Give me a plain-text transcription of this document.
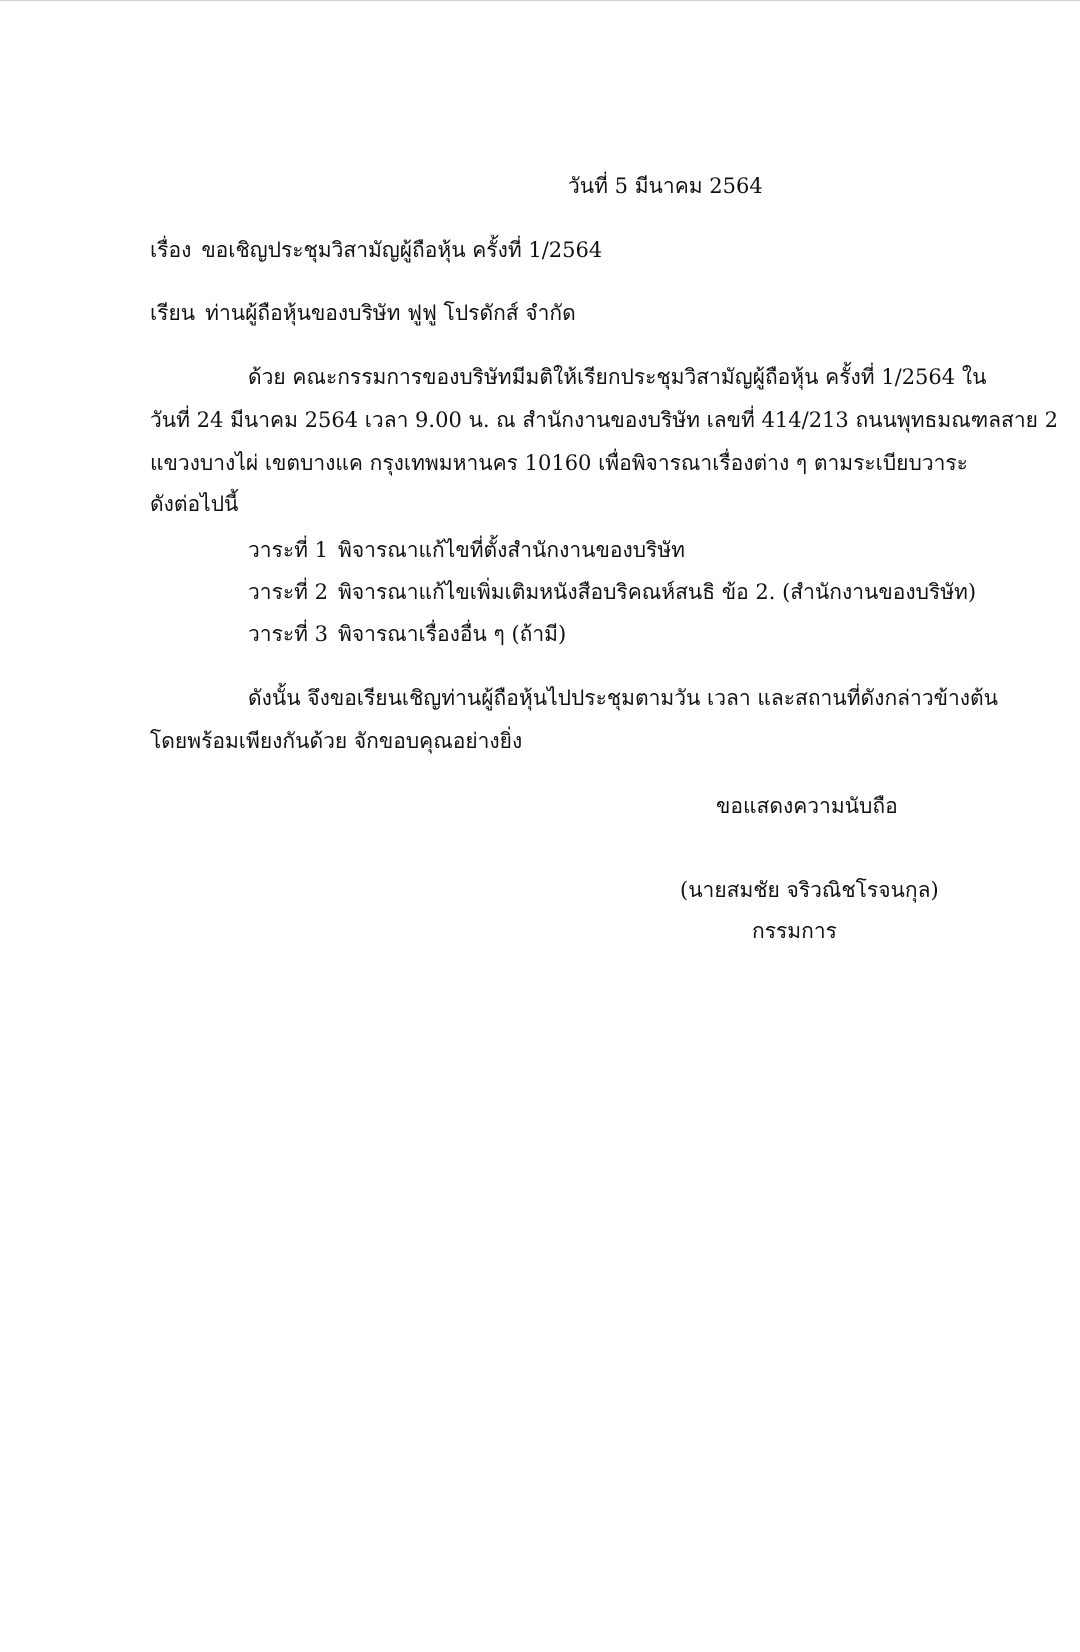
วันที่ 5 มีนาคม 2564
เรื่อง ขอเชิญประชุมวิสามัญผู้ถือหุ้น ครั้งที่ 1/2564
เรียน ท่านผู้ถือหุ้นของบริษัท ฟูฟู โปรดักส์ จำกัด
ด้วย คณะกรรมการของบริษัทมีมติให้เรียกประชุมวิสามัญผู้ถือหุ้น ครั้งที่ 1/2564 ใน
วันที่ 24 มีนาคม 2564 เวลา 9.00 น. ณ สำนักงานของบริษัท เลขที่ 414/213 ถนนพุทธมณฑลสาย 2
แขวงบางไผ่ เขตบางแค กรุงเทพมหานคร 10160 เพื่อพิจารณาเรื่องต่าง ๆ ตามระเบียบวาระ
ดังต่อไปนี้
วาระที่ 1 พิจารณาแก้ไขที่ตั้งสำนักงานของบริษัท
วาระที่ 2 พิจารณาแก้ไขเพิ่มเติมหนังสือบริคณห์สนธิ ข้อ 2. (สำนักงานของบริษัท)
วาระที่ 3 พิจารณาเรื่องอื่น ๆ (ถ้ามี)
ดังนั้น จึงขอเรียนเชิญท่านผู้ถือหุ้นไปประชุมตามวัน เวลา และสถานที่ดังกล่าวข้างต้น
โดยพร้อมเพียงกันด้วย จักขอบคุณอย่างยิ่ง
ขอแสดงความนับถือ
(นายสมชัย จริวณิชโรจนกุล)
กรรมการ
